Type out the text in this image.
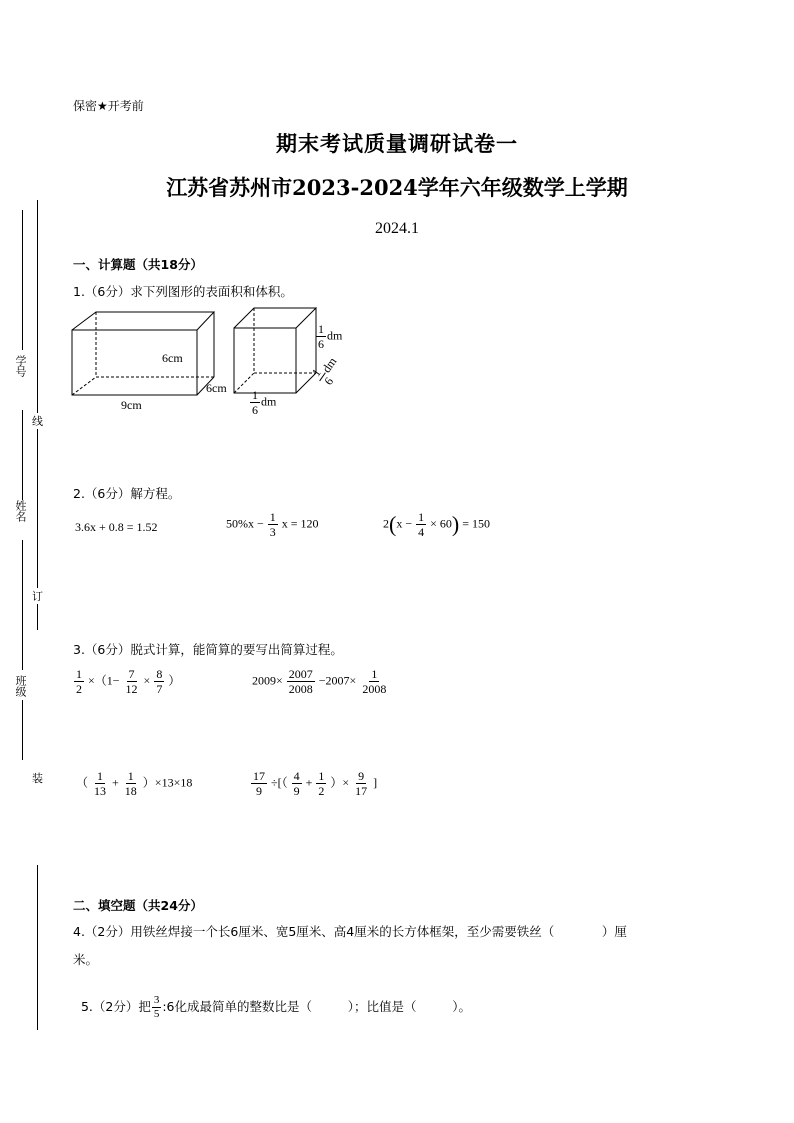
学号
姓名
班级
线
订
装
保密★开考前
期末考试质量调研试卷一
江苏省苏州市2023-2024学年六年级数学上学期
2024.1
一、计算题（共18分）
1.（6分）求下列图形的表面积和体积。
6cm
6cm
9cm
$\frac{1}{6}$ dm
$\frac{1}{6}$ dm
1
6
dm
2.（6分）解方程。
3.6x + 0.8 = 1.52	$50\%x - \frac{1}{3}$ x = 120	$2(x - \frac{1}{4} \times 60) = 150$
3.（6分）脱式计算，能简算的要写出简算过程。
$\frac{1}{2} \times(1- \frac{7}{12} \times \frac{8}{7}$ ）	$2009\times \frac{2007}{2008} -2007\times \frac{1}{2008}$
（ $\frac{1}{13} + \frac{1}{18} )\times 13\times 18$	$\frac{17}{9}$ ÷[（ $\frac{4}{9} + \frac{1}{2}$ ）× $\frac{9}{17}$ ]
二、填空题（共24分）
4.（2分）用铁丝焊接一个长6厘米、宽5厘米、高4厘米的长方体框架，至少需要铁丝（            ）厘
米。

5.（2分）把 $\frac{3}{5}$ :6化成最简单的整数比是（         ）；比值是（         ）。
